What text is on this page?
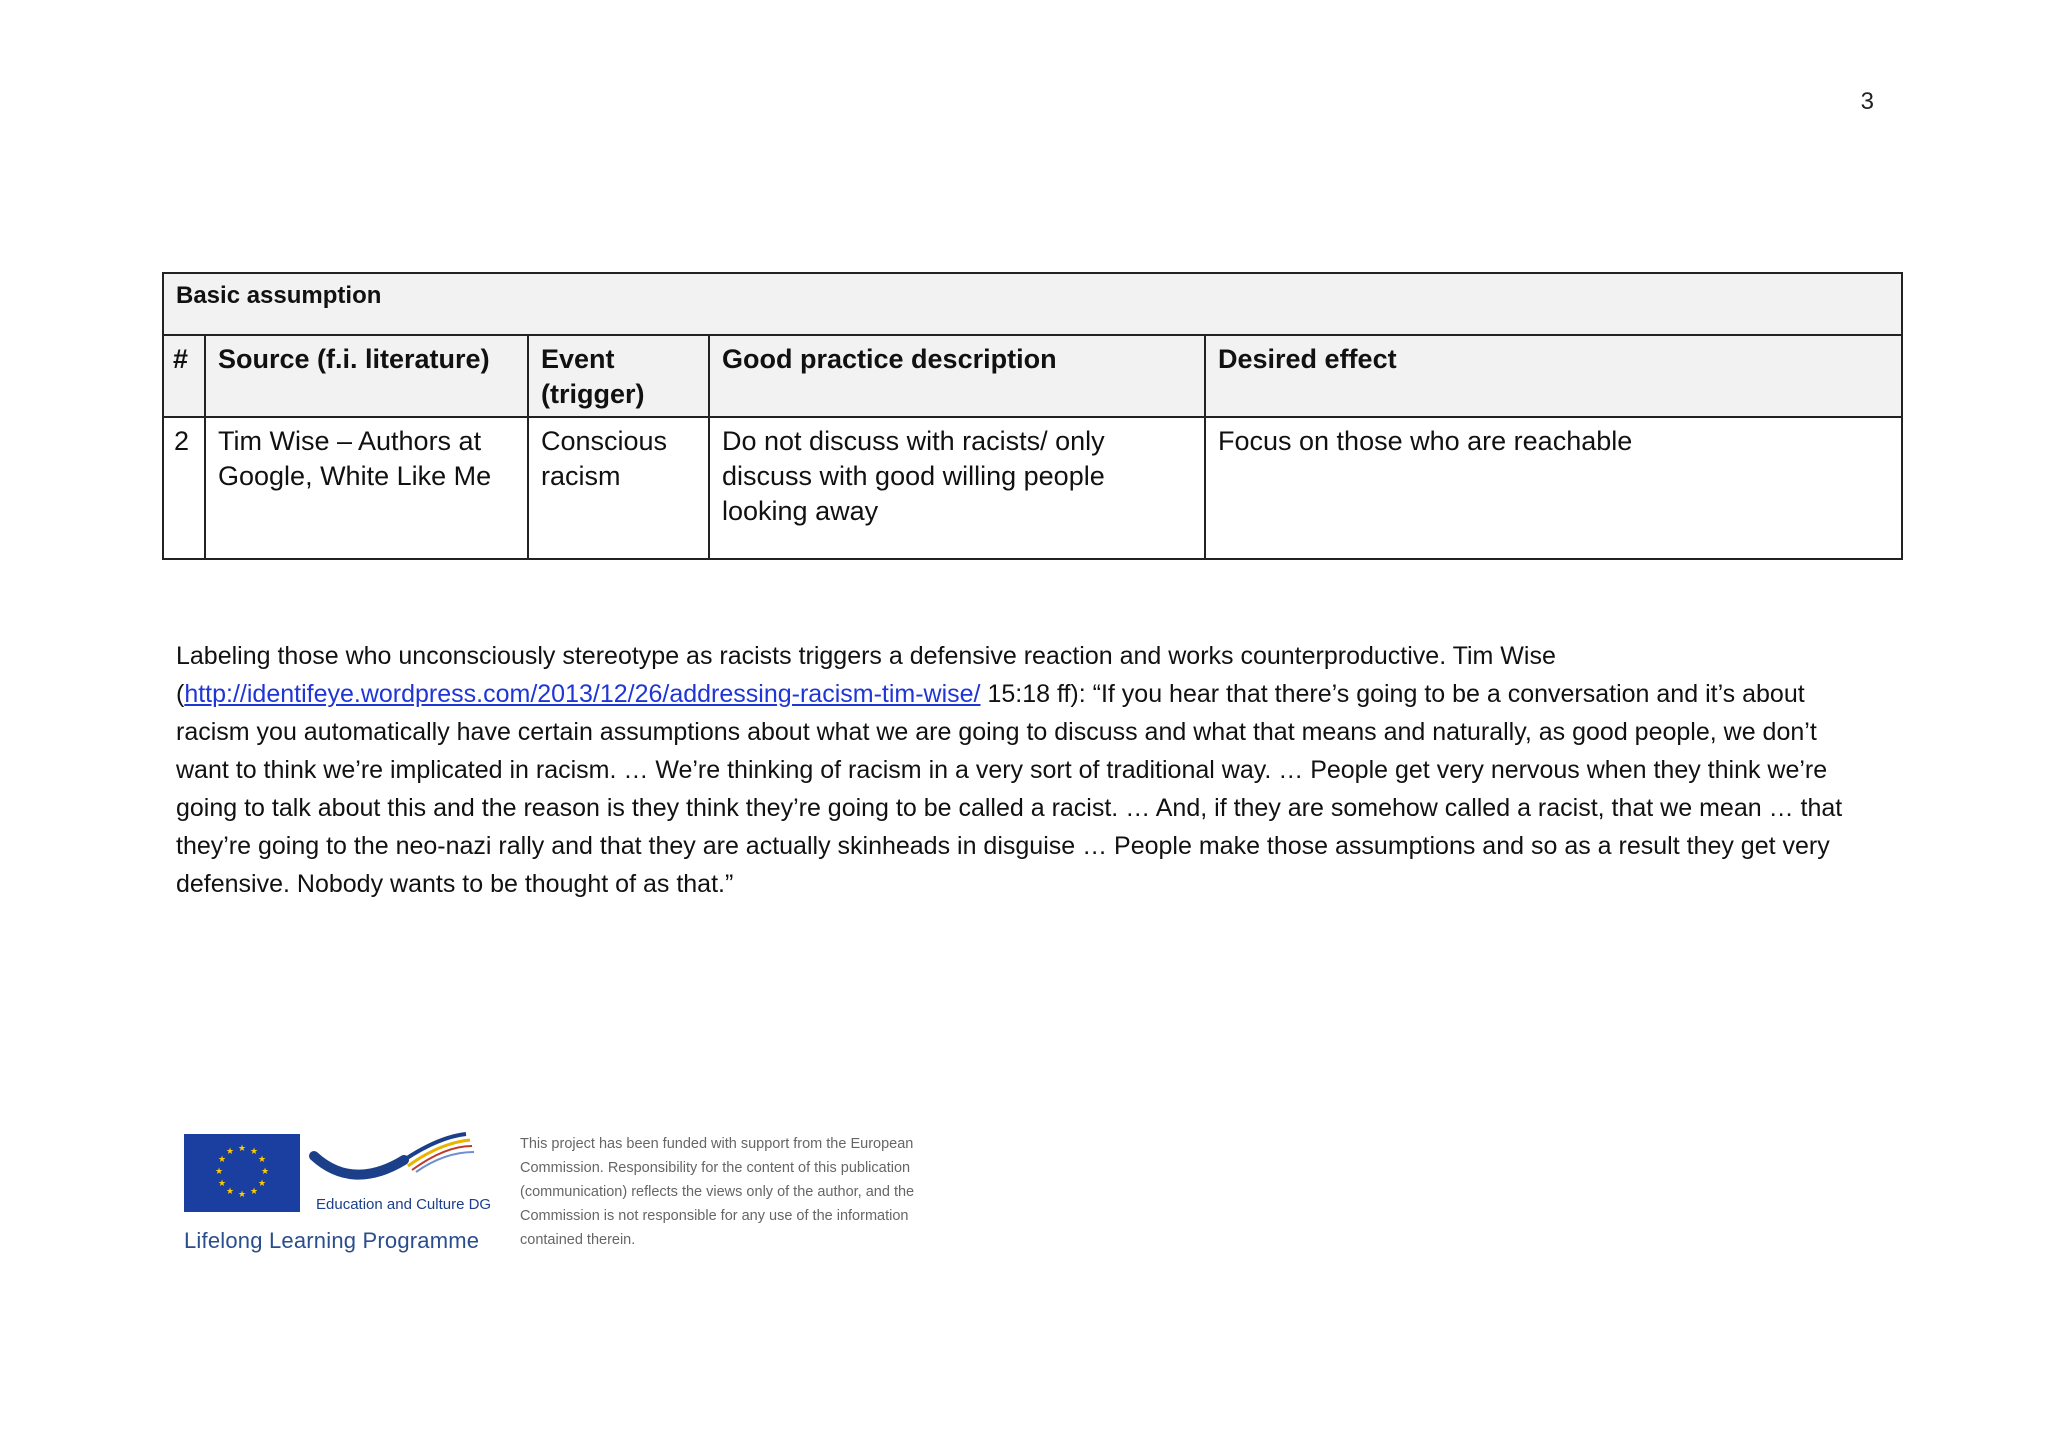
3
Basic assumption				
#	Source (f.i. literature)	Event (trigger)	Good practice description	Desired effect
2	Tim Wise – Authors at Google, White Like Me	Conscious racism	Do not discuss with racists/ only discuss with good willing people looking away	Focus on those who are reachable

Labeling those who unconsciously stereotype as racists triggers a defensive reaction and works counterproductive. Tim Wise (http://identifeye.wordpress.com/2013/12/26/addressing-racism-tim-wise/ 15:18 ff): “If you hear that there’s going to be a conversation and it’s about racism you automatically have certain assumptions about what we are going to discuss and what that means and naturally, as good people, we don’t want to think we’re implicated in racism. … We’re thinking of racism in a very sort of traditional way. … People get very nervous when they think we’re going to talk about this and the reason is they think they’re going to be called a racist. … And, if they are somehow called a racist, that we mean … that they’re going to the neo-nazi rally and that they are actually skinheads in disguise … People make those assumptions and so as a result they get very defensive. Nobody wants to be thought of as that.”

★ ★
★
★
★
★
★
★
★
★
★
★
Education and Culture DG
Lifelong Learning Programme
This project has been funded with support from the European Commission. Responsibility for the content of this publication (communication) reflects the views only of the author, and the Commission is not responsible for any use of the information contained therein.
